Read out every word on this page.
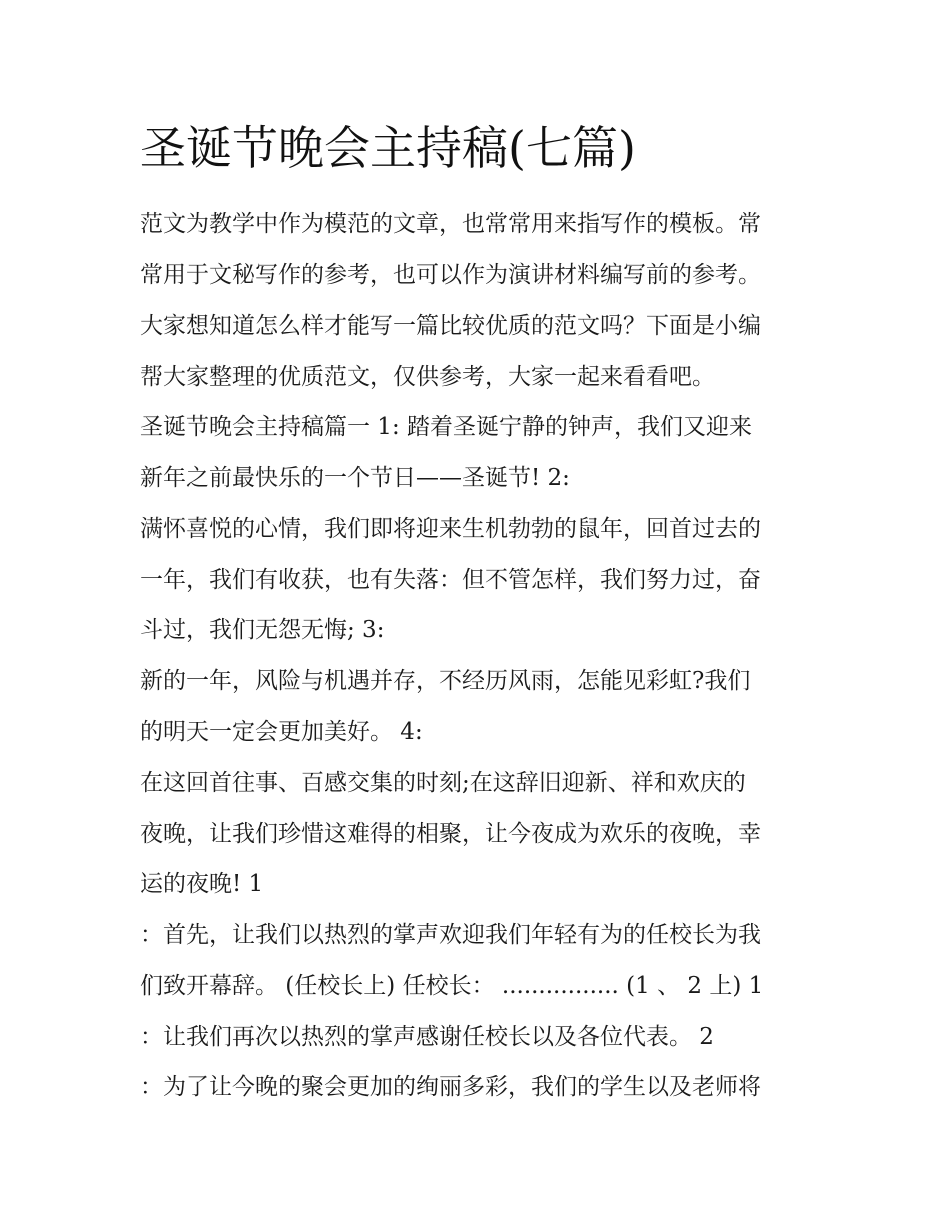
圣诞节晚会主持稿(七篇)

范文为教学中作为模范的文章，也常常用来指写作的模板。常

常用于文秘写作的参考，也可以作为演讲材料编写前的参考。

大家想知道怎么样才能写一篇比较优质的范文吗？下面是小编

帮大家整理的优质范文，仅供参考，大家一起来看看吧。

圣诞节晚会主持稿篇一 1: 踏着圣诞宁静的钟声，我们又迎来

新年之前最快乐的一个节日——圣诞节! 2:

满怀喜悦的心情，我们即将迎来生机勃勃的鼠年，回首过去的

一年，我们有收获，也有失落：但不管怎样，我们努力过，奋

斗过，我们无怨无悔; 3:

新的一年，风险与机遇并存，不经历风雨，怎能见彩虹?我们

的明天一定会更加美好。 4:

在这回首往事、百感交集的时刻;在这辞旧迎新、祥和欢庆的

夜晚，让我们珍惜这难得的相聚，让今夜成为欢乐的夜晚，幸

运的夜晚! 1

：首先，让我们以热烈的掌声欢迎我们年轻有为的任校长为我

们致开幕辞。 (任校长上) 任校长： ................ (1 、 2 上) 1

：让我们再次以热烈的掌声感谢任校长以及各位代表。 2

：为了让今晚的聚会更加的绚丽多彩，我们的学生以及老师将
